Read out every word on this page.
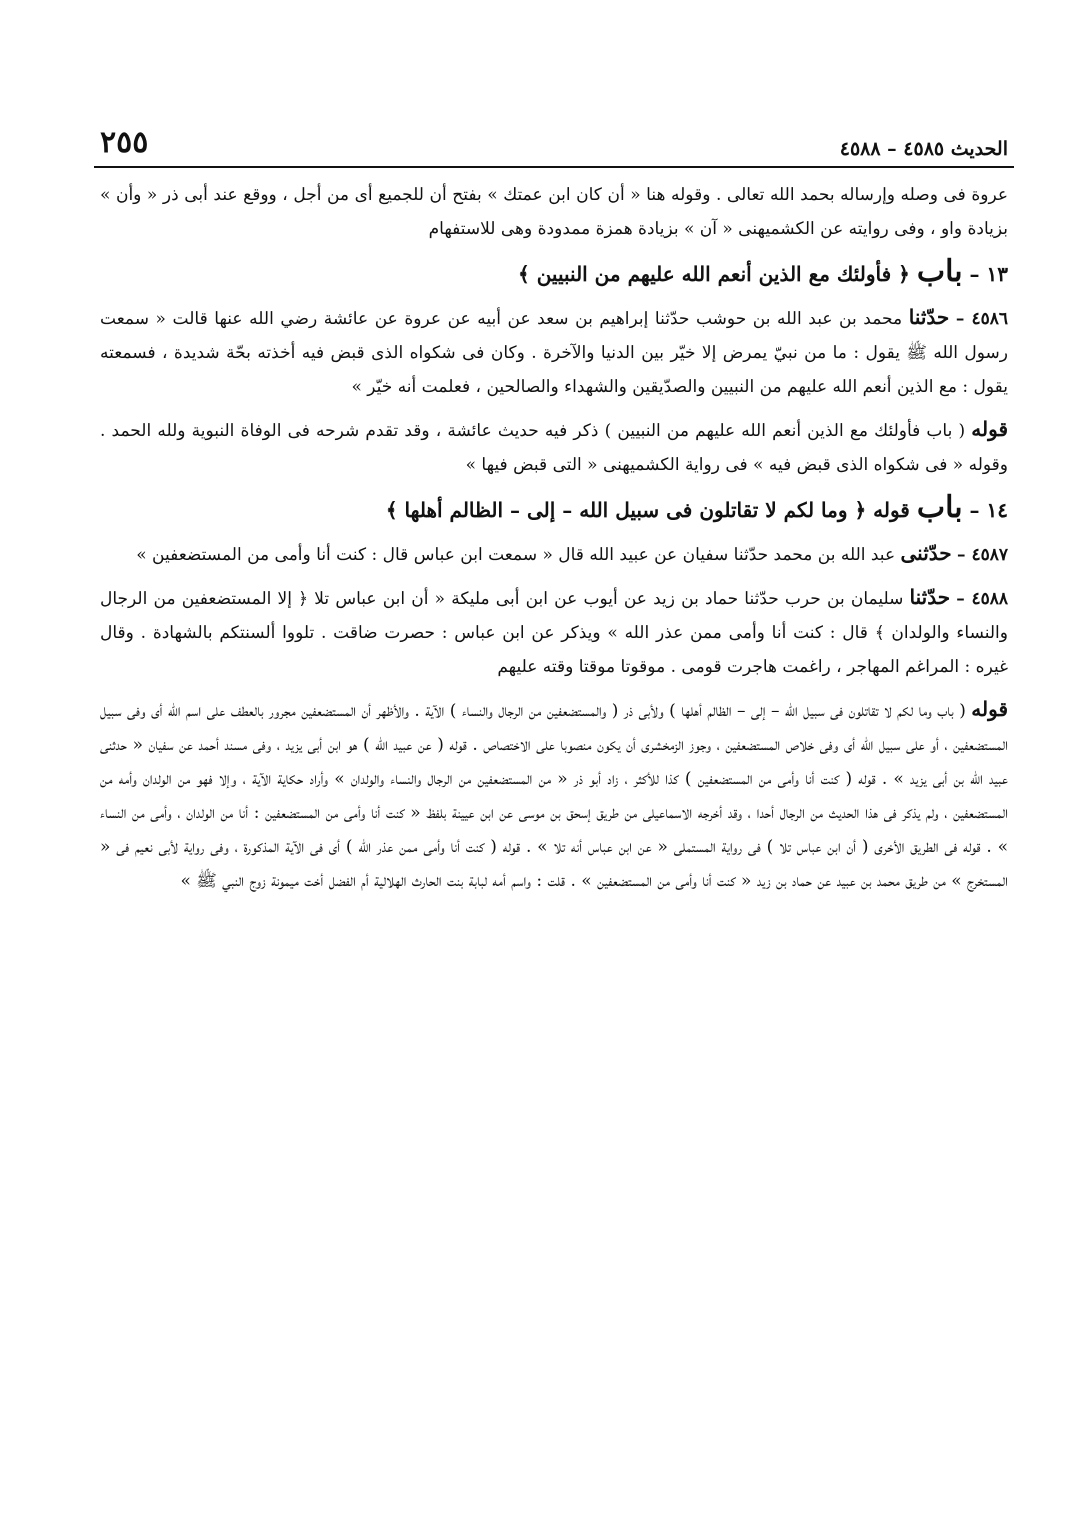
الحديث ٤٥٨٥ – ٤٥٨٨
٢٥٥

عروة فى وصله وإرساله بحمد الله تعالى . وقوله هنا « أن كان ابن عمتك » بفتح أن للجميع أى من أجل ، ووقع عند أبى ذر « وأن » بزيادة واو ، وفى روايته عن الكشميهنى « آن » بزيادة همزة ممدودة وهى للاستفهام

١٣ – باب ﴿ فأولئك مع الذين أنعم الله عليهم من النبيين ﴾

٤٥٨٦ – حدّثنا محمد بن عبد الله بن حوشب حدّثنا إبراهيم بن سعد عن أبيه عن عروة عن عائشة رضي الله عنها قالت « سمعت رسول الله ﷺ يقول : ما من نبيّ يمرض إلا خيّر بين الدنيا والآخرة . وكان فى شكواه الذى قبض فيه أخذته بحّة شديدة ، فسمعته يقول : مع الذين أنعم الله عليهم من النبيين والصدّيقين والشهداء والصالحين ، فعلمت أنه خيّر »

قوله ( باب فأولئك مع الذين أنعم الله عليهم من النبيين ) ذكر فيه حديث عائشة ، وقد تقدم شرحه فى الوفاة النبوية ولله الحمد . وقوله « فى شكواه الذى قبض فيه » فى رواية الكشميهنى « التى قبض فيها »

١٤ – باب قوله ﴿ وما لكم لا تقاتلون فى سبيل الله – إلى – الظالم أهلها ﴾

٤٥٨٧ – حدّثنى عبد الله بن محمد حدّثنا سفيان عن عبيد الله قال « سمعت ابن عباس قال : كنت أنا وأمى من المستضعفين »

٤٥٨٨ – حدّثنا سليمان بن حرب حدّثنا حماد بن زيد عن أيوب عن ابن أبى مليكة « أن ابن عباس تلا ﴿ إلا المستضعفين من الرجال والنساء والولدان ﴾ قال : كنت أنا وأمى ممن عذر الله » ويذكر عن ابن عباس : حصرت ضاقت . تلووا ألسنتكم بالشهادة . وقال غيره : المراغم المهاجر ، راغمت هاجرت قومى . موقوتا موقتا وقته عليهم

قوله ( باب وما لكم لا تقاتلون فى سبيل الله – إلى – الظالم أهلها ) ولأبى ذر ( والمستضعفين من الرجال والنساء ) الآية . والأظهر أن المستضعفين مجرور بالعطف على اسم الله أى وفى سبيل المستضعفين ، أو على سبيل الله أى وفى خلاص المستضعفين ، وجوز الزمخشرى أن يكون منصوبا على الاختصاص . قوله ( عن عبيد الله ) هو ابن أبى يزيد ، وفى مسند أحمد عن سفيان « حدثنى عبيد الله بن أبى يزيد » . قوله ( كنت أنا وأمى من المستضعفين ) كذا للأكثر ، زاد أبو ذر « من المستضعفين من الرجال والنساء والولدان » وأراد حكاية الآية ، وإلا فهو من الولدان وأمه من المستضعفين ، ولم يذكر فى هذا الحديث من الرجال أحدا ، وقد أخرجه الاسماعيلى من طريق إسحق بن موسى عن ابن عيينة بلفظ « كنت أنا وأمى من المستضعفين : أنا من الولدان ، وأمى من النساء » . قوله فى الطريق الأخرى ( أن ابن عباس تلا ) فى رواية المستملى « عن ابن عباس أنه تلا » . قوله ( كنت أنا وأمى ممن عذر الله ) أى فى الآية المذكورة ، وفى رواية لأبى نعيم فى « المستخرج » من طريق محمد بن عبيد عن حماد بن زيد « كنت أنا وأمى من المستضعفين » . قلت : واسم أمه لبابة بنت الحارث الهلالية أم الفضل أخت ميمونة زوج النبي ﷺ »
